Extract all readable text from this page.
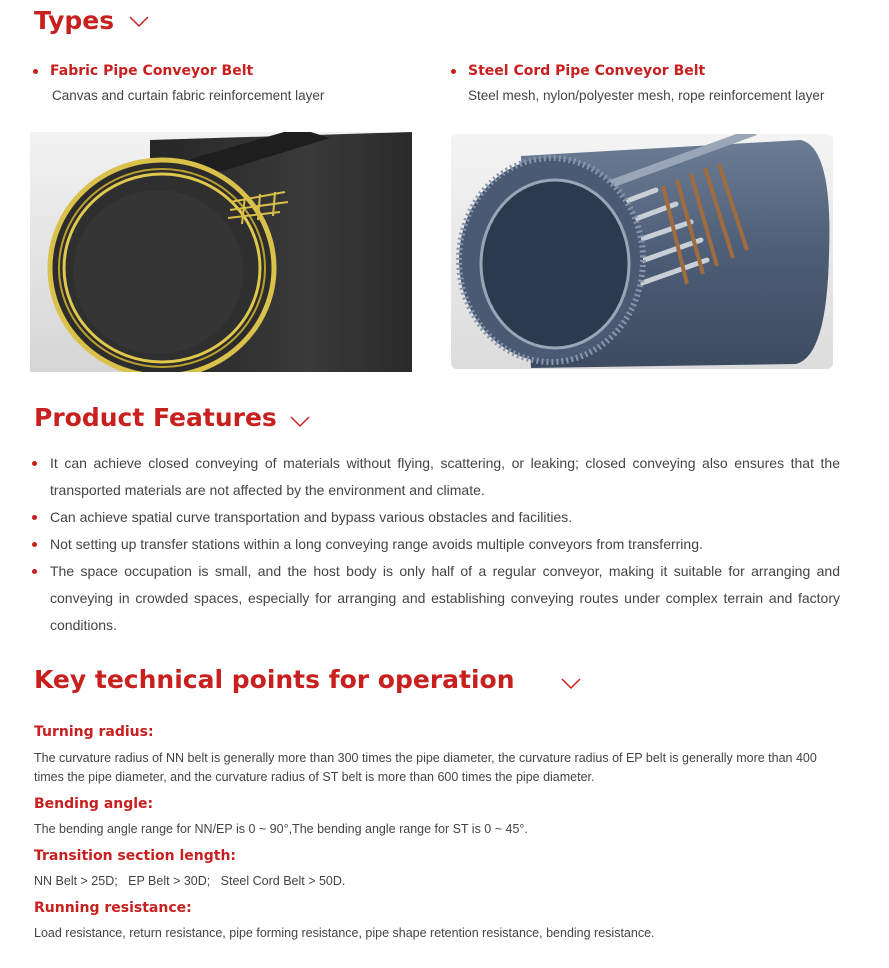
Types
Fabric Pipe Conveyor Belt
Canvas and curtain fabric reinforcement layer
Steel Cord Pipe Conveyor Belt
Steel mesh, nylon/polyester mesh, rope reinforcement layer
Product Features
It can achieve closed conveying of materials without flying, scattering, or leaking; closed conveying also ensures that the transported materials are not affected by the environment and climate.
Can achieve spatial curve transportation and bypass various obstacles and facilities.
Not setting up transfer stations within a long conveying range avoids multiple conveyors from transferring.
The space occupation is small, and the host body is only half of a regular conveyor, making it suitable for arranging and conveying in crowded spaces, especially for arranging and establishing conveying routes under complex terrain and factory conditions.
Key technical points for operation
Turning radius:
The curvature radius of NN belt is generally more than 300 times the pipe diameter, the curvature radius of EP belt is generally more than 400 times the pipe diameter, and the curvature radius of ST belt is more than 600 times the pipe diameter.
Bending angle:
The bending angle range for NN/EP is 0 ~ 90°,The bending angle range for ST is 0 ~ 45°.
Transition section length:
NN Belt > 25D;   EP Belt > 30D;   Steel Cord Belt > 50D.
Running resistance:
Load resistance, return resistance, pipe forming resistance, pipe shape retention resistance, bending resistance.
